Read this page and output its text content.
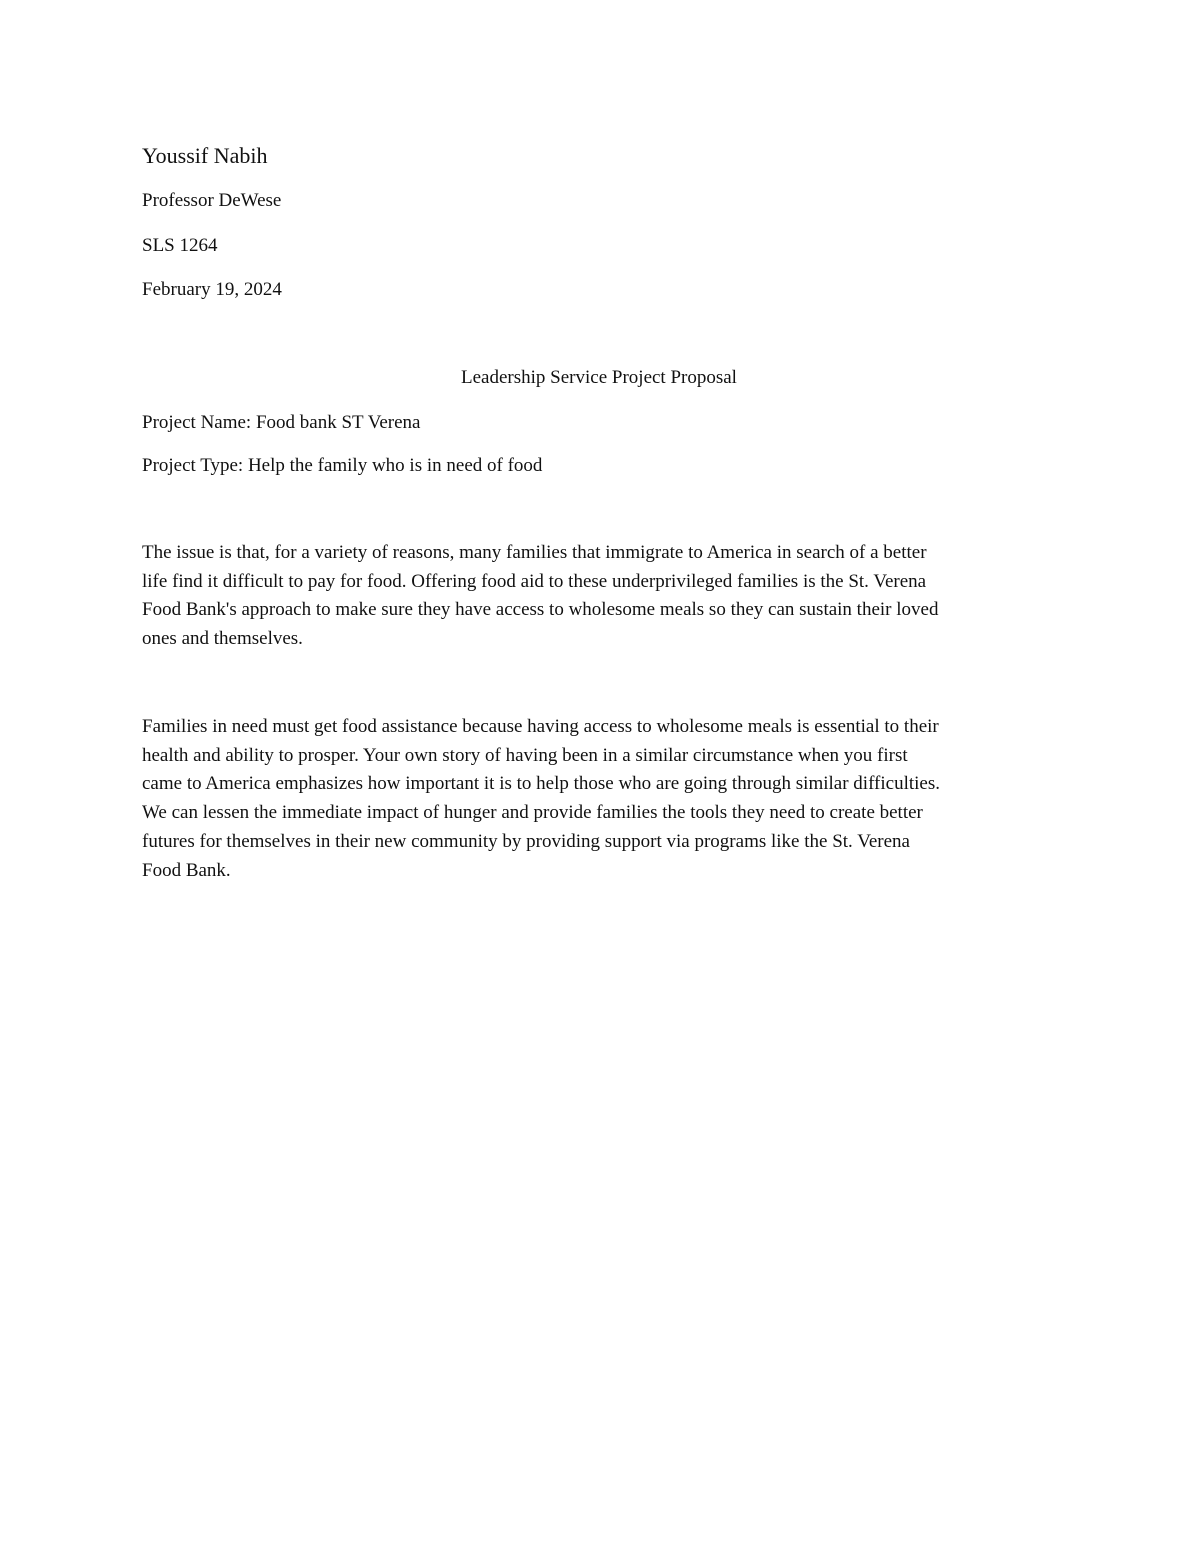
Youssif Nabih
Professor DeWese
SLS 1264
February 19, 2024
Leadership Service Project Proposal
Project Name: Food bank ST Verena
Project Type: Help the family who is in need of food
The issue is that, for a variety of reasons, many families that immigrate to America in search of a better
life find it difficult to pay for food. Offering food aid to these underprivileged families is the St. Verena
Food Bank's approach to make sure they have access to wholesome meals so they can sustain their loved
ones and themselves.
Families in need must get food assistance because having access to wholesome meals is essential to their
health and ability to prosper. Your own story of having been in a similar circumstance when you first
came to America emphasizes how important it is to help those who are going through similar difficulties.
We can lessen the immediate impact of hunger and provide families the tools they need to create better
futures for themselves in their new community by providing support via programs like the St. Verena
Food Bank.
